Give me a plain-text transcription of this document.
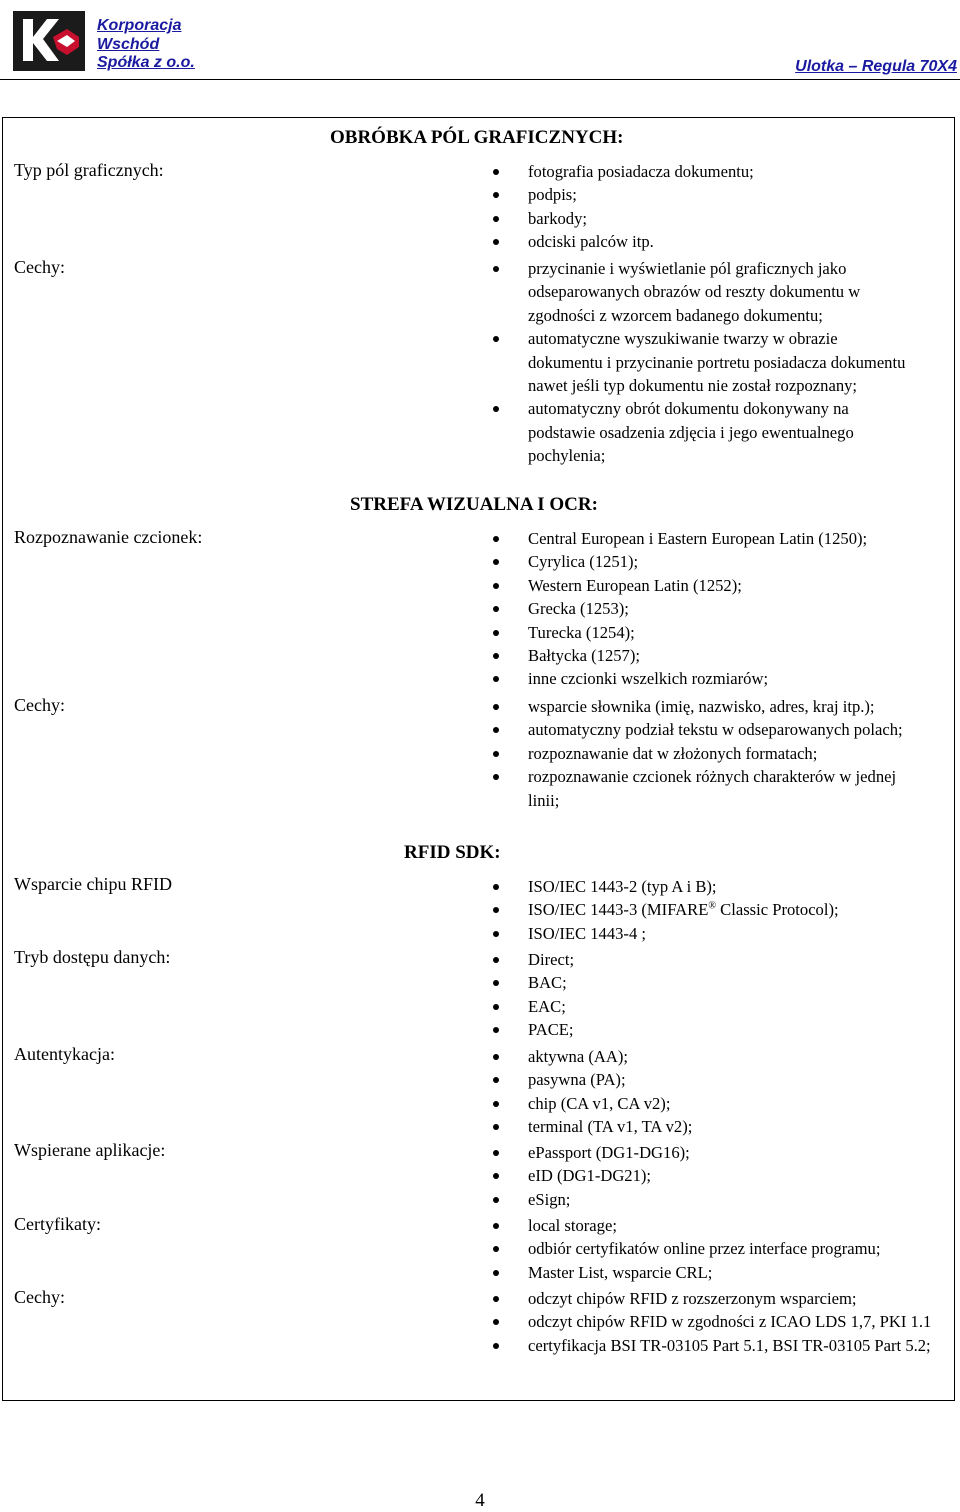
Korporacja
Wschód
Spółka z o.o.	Ulotka – Regula 70X4
OBRÓBKA PÓL GRAFICZNYCH:
Typ pól graficznych:	fotografia posiadacza dokumentu;
podpis;
barkody;
odciski palców itp.
Cechy:	przycinanie i wyświetlanie pól graficznych jako odseparowanych obrazów od reszty dokumentu w zgodności z wzorcem badanego dokumentu;
automatyczne wyszukiwanie twarzy w obrazie dokumentu i przycinanie portretu posiadacza dokumentu nawet jeśli typ dokumentu nie został rozpoznany;
automatyczny obrót dokumentu dokonywany na podstawie osadzenia zdjęcia i jego ewentualnego pochylenia;
STREFA WIZUALNA I OCR:
Rozpoznawanie czcionek:	Central European i Eastern European Latin (1250);
Cyrylica (1251);
Western European Latin (1252);
Grecka (1253);
Turecka (1254);
Bałtycka (1257);
inne czcionki wszelkich rozmiarów;
Cechy:	wsparcie słownika (imię, nazwisko, adres, kraj itp.);
automatyczny podział tekstu w odseparowanych polach;
rozpoznawanie dat w złożonych formatach;
rozpoznawanie czcionek różnych charakterów w jednej linii;
RFID SDK:
Wsparcie chipu RFID	ISO/IEC 1443-2 (typ A i B);
ISO/IEC 1443-3 (MIFARE® Classic Protocol);
ISO/IEC 1443-4 ;
Tryb dostępu danych:	Direct;
BAC;
EAC;
PACE;
Autentykacja:	aktywna (AA);
pasywna (PA);
chip (CA v1, CA v2);
terminal (TA v1, TA v2);
Wspierane aplikacje:	ePassport (DG1-DG16);
eID (DG1-DG21);
eSign;
Certyfikaty:	local storage;
odbiór certyfikatów online przez interface programu;
Master List, wsparcie CRL;
Cechy:	odczyt chipów RFID z rozszerzonym wsparciem;
odczyt chipów RFID w zgodności z ICAO LDS 1,7, PKI 1.1
certyfikacja BSI TR-03105 Part 5.1, BSI TR-03105 Part 5.2;
4
